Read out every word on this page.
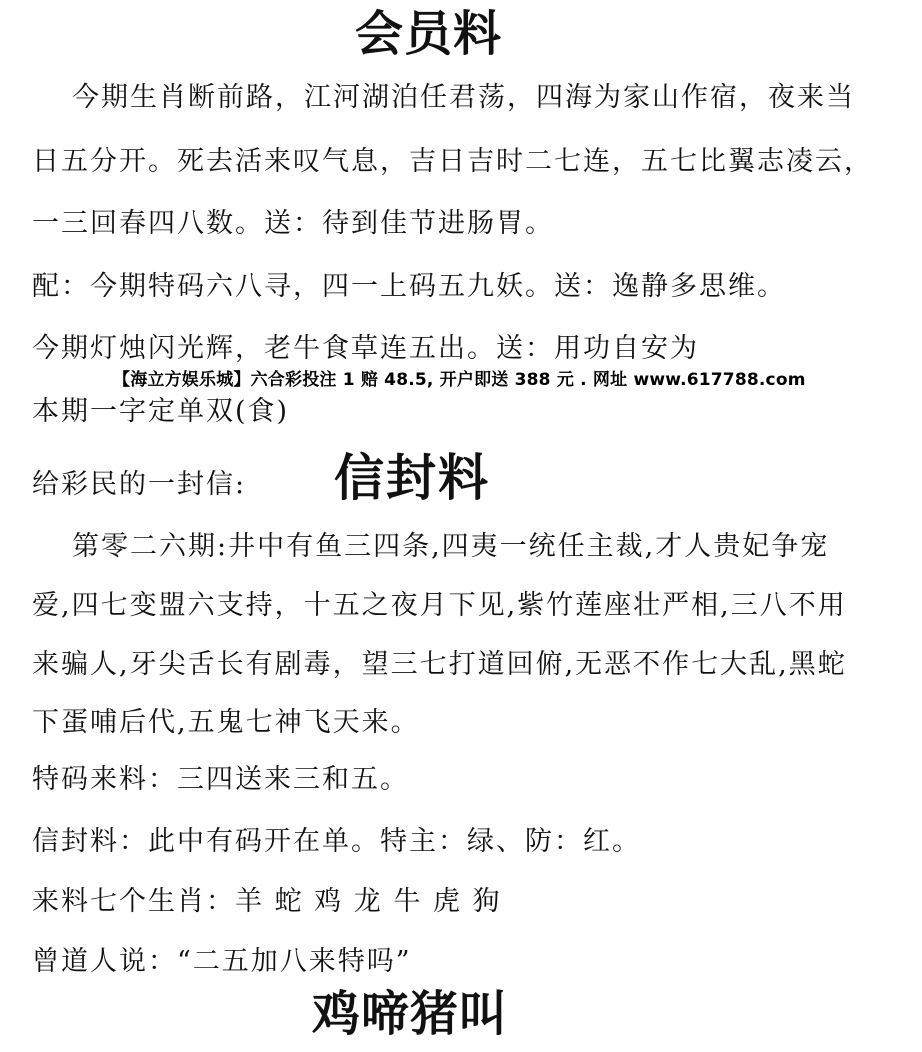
会员料
今期生肖断前路，江河湖泊任君荡，四海为家山作宿，夜来当
日五分开。死去活来叹气息，吉日吉时二七连，五七比翼志凌云，
一三回春四八数。送：待到佳节进肠胃。
配：今期特码六八寻，四一上码五九妖。送：逸静多思维。
今期灯烛闪光辉，老牛食草连五出。送：用功自安为
【海立方娱乐城】六合彩投注 1 赔 48.5, 开户即送 388 元 . 网址 www.617788.com
本期一字定单双(食)
给彩民的一封信: 信封料
第零二六期:井中有鱼三四条,四夷一统任主裁,才人贵妃争宠
爱,四七变盟六支持，十五之夜月下见,紫竹莲座壮严相,三八不用
来骗人,牙尖舌长有剧毒，望三七打道回俯,无恶不作七大乱,黑蛇
下蛋哺后代,五鬼七神飞天来。
特码来料：三四送来三和五。
信封料：此中有码开在单。特主：绿、防：红。
来料七个生肖：羊 蛇 鸡 龙 牛 虎 狗
曾道人说：“二五加八来特吗”
鸡啼猪叫
